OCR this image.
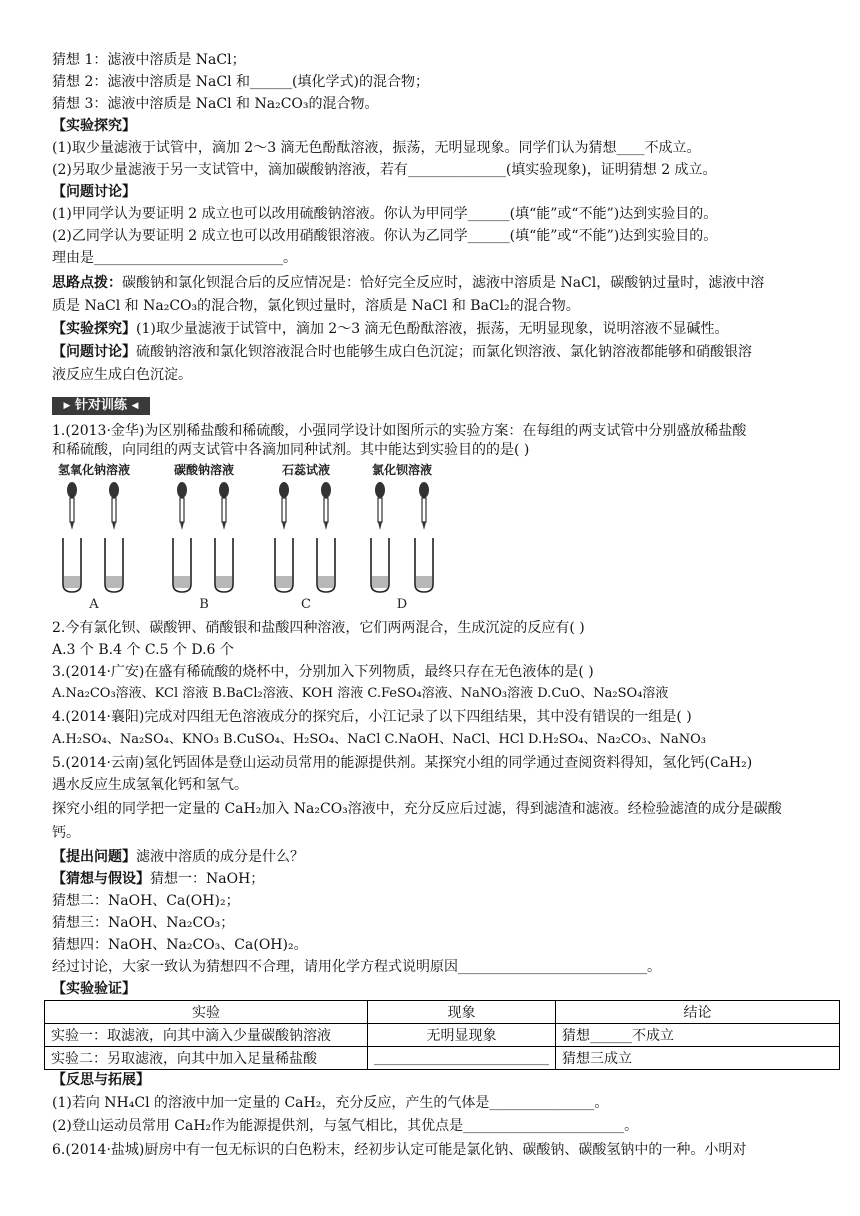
猜想 1：滤液中溶质是 NaCl；
猜想 2：滤液中溶质是 NaCl 和______(填化学式)的混合物；
猜想 3：滤液中溶质是 NaCl 和 Na₂CO₃的混合物。
【实验探究】
(1)取少量滤液于试管中，滴加 2～3 滴无色酚酞溶液，振荡，无明显现象。同学们认为猜想____不成立。
(2)另取少量滤液于另一支试管中，滴加碳酸钠溶液，若有______________(填实验现象)，证明猜想 2 成立。
【问题讨论】
(1)甲同学认为要证明 2 成立也可以改用硫酸钠溶液。你认为甲同学______(填“能”或“不能”)达到实验目的。
(2)乙同学认为要证明 2 成立也可以改用硝酸银溶液。你认为乙同学______(填“能”或“不能”)达到实验目的。
理由是___________________________。
思路点拨：碳酸钠和氯化钡混合后的反应情况是：恰好完全反应时，滤液中溶质是 NaCl，碳酸钠过量时，滤液中溶
质是 NaCl 和 Na₂CO₃的混合物，氯化钡过量时，溶质是 NaCl 和 BaCl₂的混合物。
【实验探究】(1)取少量滤液于试管中，滴加 2～3 滴无色酚酞溶液，振荡，无明显现象，说明溶液不显碱性。
【问题讨论】硫酸钠溶液和氯化钡溶液混合时也能够生成白色沉淀；而氯化钡溶液、氯化钠溶液都能够和硝酸银溶
液反应生成白色沉淀。
▶ 针对训练 ◀
1.(2013·金华)为区别稀盐酸和稀硫酸，小强同学设计如图所示的实验方案：在每组的两支试管中分别盛放稀盐酸
和稀硫酸，向同组的两支试管中各滴加同种试剂。其中能达到实验目的的是( )
氢氧化钠溶液
A
碳酸钠溶液
B
石蕊试液
C
氯化钡溶液
D
2.今有氯化钡、碳酸钾、硝酸银和盐酸四种溶液，它们两两混合，生成沉淀的反应有( )
A.3 个 B.4 个 C.5 个 D.6 个
3.(2014·广安)在盛有稀硫酸的烧杯中，分别加入下列物质，最终只存在无色液体的是( )
A.Na₂CO₃溶液、KCl 溶液 B.BaCl₂溶液、KOH 溶液 C.FeSO₄溶液、NaNO₃溶液 D.CuO、Na₂SO₄溶液
4.(2014·襄阳)完成对四组无色溶液成分的探究后，小江记录了以下四组结果，其中没有错误的一组是( )
A.H₂SO₄、Na₂SO₄、KNO₃ B.CuSO₄、H₂SO₄、NaCl C.NaOH、NaCl、HCl D.H₂SO₄、Na₂CO₃、NaNO₃
5.(2014·云南)氢化钙固体是登山运动员常用的能源提供剂。某探究小组的同学通过查阅资料得知，氢化钙(CaH₂)
遇水反应生成氢氧化钙和氢气。
探究小组的同学把一定量的 CaH₂加入 Na₂CO₃溶液中，充分反应后过滤，得到滤渣和滤液。经检验滤渣的成分是碳酸
钙。
【提出问题】滤液中溶质的成分是什么？
【猜想与假设】猜想一：NaOH；
猜想二：NaOH、Ca(OH)₂；
猜想三：NaOH、Na₂CO₃；
猜想四：NaOH、Na₂CO₃、Ca(OH)₂。
经过讨论，大家一致认为猜想四不合理，请用化学方程式说明原因___________________________。
【实验验证】
实验	现象	结论
实验一：取滤液，向其中滴入少量碳酸钠溶液	无明显现象	猜想______不成立
实验二：另取滤液，向其中加入足量稀盐酸	_________________________	猜想三成立
【反思与拓展】
(1)若向 NH₄Cl 的溶液中加一定量的 CaH₂，充分反应，产生的气体是_______________。
(2)登山运动员常用 CaH₂作为能源提供剂，与氢气相比，其优点是_______________________。
6.(2014·盐城)厨房中有一包无标识的白色粉末，经初步认定可能是氯化钠、碳酸钠、碳酸氢钠中的一种。小明对
